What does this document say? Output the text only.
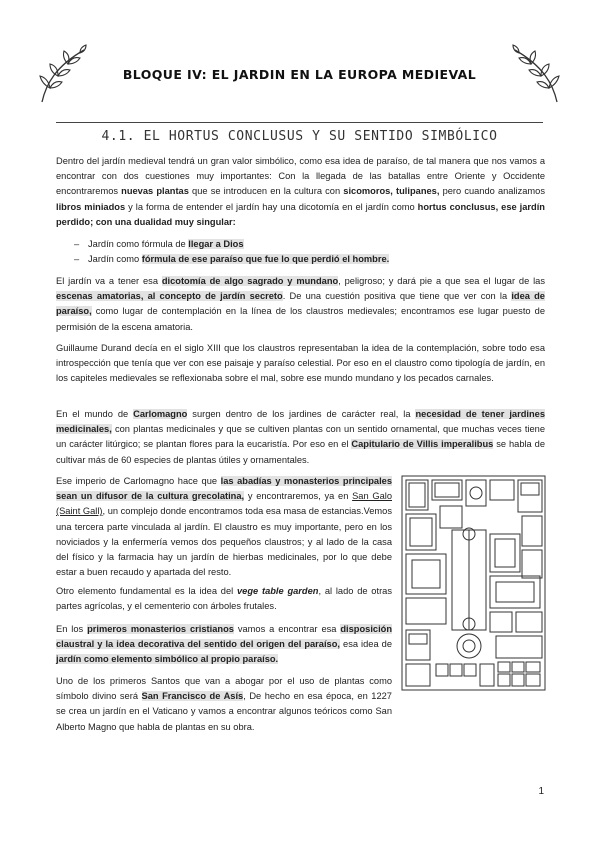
BLOQUE IV: EL JARDIN EN LA EUROPA MEDIEVAL
4.1. EL HORTUS CONCLUSUS Y SU SENTIDO SIMBÓLICO

Dentro del jardín medieval tendrá un gran valor simbólico, como esa idea de paraíso, de tal manera que nos vamos a encontrar con dos cuestiones muy importantes: Con la llegada de las batallas entre Oriente y Occidente encontraremos nuevas plantas que se introducen en la cultura con sicomoros, tulipanes, pero cuando analizamos libros miniados y la forma de entender el jardín hay una dicotomía en el jardín como hortus conclusus, ese jardín perdido; con una dualidad muy singular:

– Jardín como fórmula de llegar a Dios
– Jardín como fórmula de ese paraíso que fue lo que perdió el hombre.

El jardín va a tener esa dicotomía de algo sagrado y mundano, peligroso; y dará pie a que sea el lugar de las escenas amatorias, al concepto de jardín secreto. De una cuestión positiva que tiene que ver con la idea de paraíso, como lugar de contemplación en la línea de los claustros medievales; encontramos ese lugar puesto de permisión de la escena amatoria.

Guillaume Durand decía en el siglo XIII que los claustros representaban la idea de la contemplación, sobre todo esa introspección que tenía que ver con ese paisaje y paraíso celestial. Por eso en el claustro como tipología de jardín, en los capiteles medievales se reflexionaba sobre el mal, sobre ese mundo mundano y los pecados carnales.

En el mundo de Carlomagno surgen dentro de los jardines de carácter real, la necesidad de tener jardines medicinales, con plantas medicinales y que se cultiven plantas con un sentido ornamental, que muchas veces tiene un carácter litúrgico; se plantan flores para la eucaristía. Por eso en el Capitulario de Villis imperalibus se habla de cultivar más de 60 especies de plantas útiles y ornamentales.

Ese imperio de Carlomagno hace que las abadías y monasterios principales sean un difusor de la cultura grecolatina, y encontraremos, ya en San Galo (Saint Gall), un complejo donde encontramos toda esa masa de estancias.Vemos una tercera parte vinculada al jardín. El claustro es muy importante, pero en los noviciados y la enfermería vemos dos pequeños claustros; y al lado de la casa del físico y la farmacia hay un jardín de hierbas medicinales, por lo que debe estar a buen recaudo y apartada del resto.

Otro elemento fundamental es la idea del vege table garden, al lado de otras partes agrícolas, y el cementerio con árboles frutales.

En los primeros monasterios cristianos vamos a encontrar esa disposición claustral y la idea decorativa del sentido del origen del paraíso, esa idea de jardín como elemento simbólico al propio paraíso.

Uno de los primeros Santos que van a abogar por el uso de plantas como símbolo divino será San Francisco de Asís, De hecho en esa época, en 1227 se crea un jardín en el Vaticano y vamos a encontrar algunos teóricos como San Alberto Magno que habla de plantas en su obra.

1
